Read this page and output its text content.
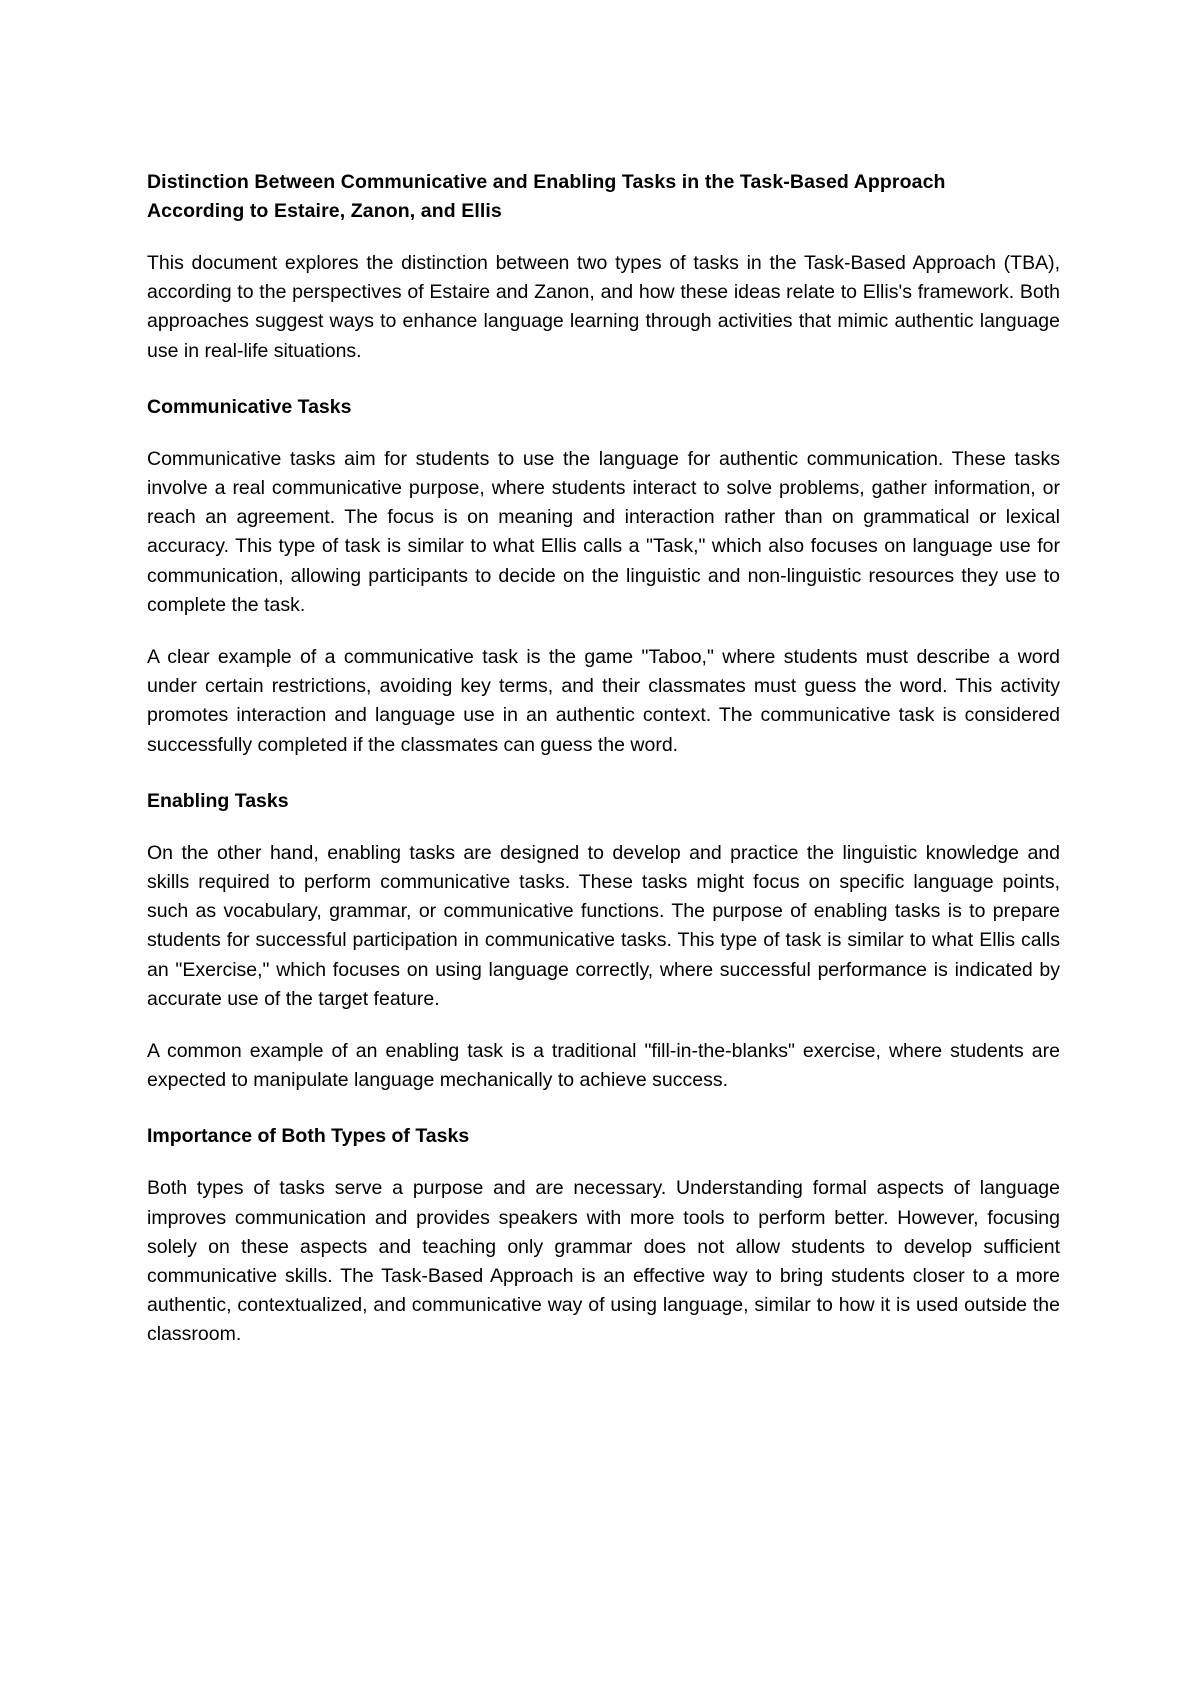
Distinction Between Communicative and Enabling Tasks in the Task-Based Approach
According to Estaire, Zanon, and Ellis

This document explores the distinction between two types of tasks in the Task-Based Approach (TBA), according to the perspectives of Estaire and Zanon, and how these ideas relate to Ellis's framework. Both approaches suggest ways to enhance language learning through activities that mimic authentic language use in real-life situations.

Communicative Tasks

Communicative tasks aim for students to use the language for authentic communication. These tasks involve a real communicative purpose, where students interact to solve problems, gather information, or reach an agreement. The focus is on meaning and interaction rather than on grammatical or lexical accuracy. This type of task is similar to what Ellis calls a "Task," which also focuses on language use for communication, allowing participants to decide on the linguistic and non-linguistic resources they use to complete the task.

A clear example of a communicative task is the game "Taboo," where students must describe a word under certain restrictions, avoiding key terms, and their classmates must guess the word. This activity promotes interaction and language use in an authentic context. The communicative task is considered successfully completed if the classmates can guess the word.

Enabling Tasks

On the other hand, enabling tasks are designed to develop and practice the linguistic knowledge and skills required to perform communicative tasks. These tasks might focus on specific language points, such as vocabulary, grammar, or communicative functions. The purpose of enabling tasks is to prepare students for successful participation in communicative tasks. This type of task is similar to what Ellis calls an "Exercise," which focuses on using language correctly, where successful performance is indicated by accurate use of the target feature.

A common example of an enabling task is a traditional "fill-in-the-blanks" exercise, where students are expected to manipulate language mechanically to achieve success.

Importance of Both Types of Tasks

Both types of tasks serve a purpose and are necessary. Understanding formal aspects of language improves communication and provides speakers with more tools to perform better. However, focusing solely on these aspects and teaching only grammar does not allow students to develop sufficient communicative skills. The Task-Based Approach is an effective way to bring students closer to a more authentic, contextualized, and communicative way of using language, similar to how it is used outside the classroom.
